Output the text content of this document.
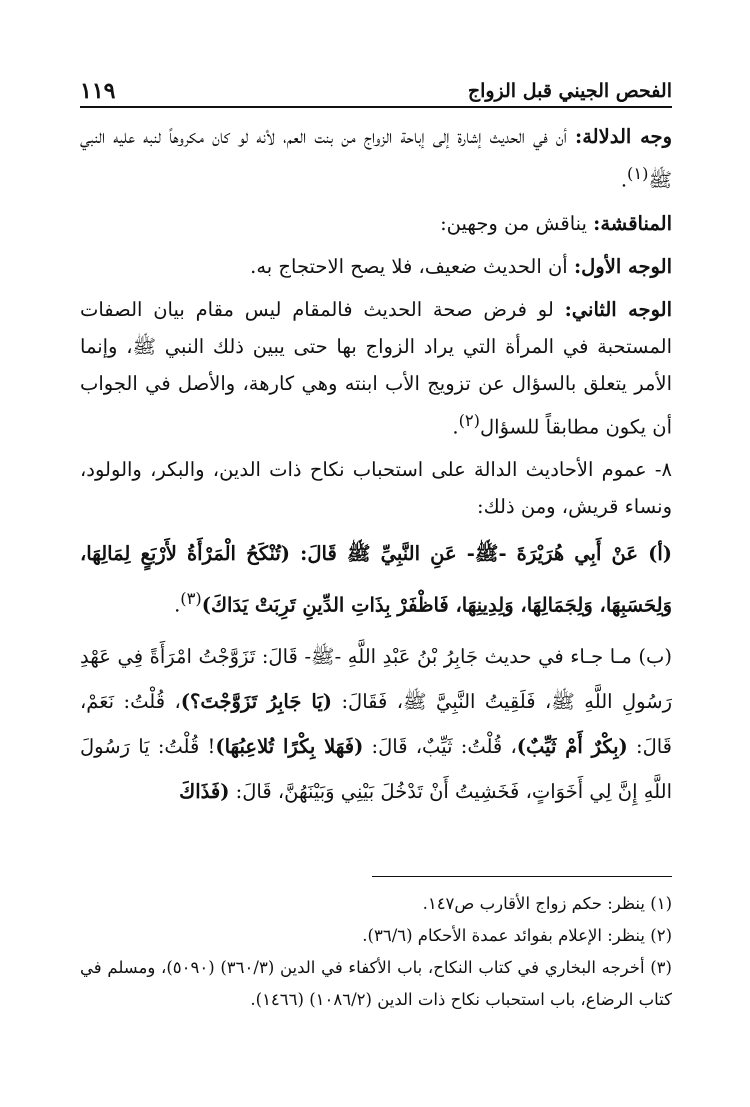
الفحص الجيني قبل الزواج
١١٩

وجه الدلالة: أن في الحديث إشارة إلى إباحة الزواج من بنت العم، لأنه لو كان مكروهاً لنبه عليه النبي ﷺ$^{(١)}$.

المناقشة: يناقش من وجهين:

الوجه الأول: أن الحديث ضعيف، فلا يصح الاحتجاج به.

الوجه الثاني: لو فرض صحة الحديث فالمقام ليس مقام بيان الصفات المستحبة في المرأة التي يراد الزواج بها حتى يبين ذلك النبي ﷺ، وإنما الأمر يتعلق بالسؤال عن تزويج الأب ابنته وهي كارهة، والأصل في الجواب أن يكون مطابقاً للسؤال$^{(٢)}$.

٨- عموم الأحاديث الدالة على استحباب نكاح ذات الدين، والبكر، والولود، ونساء قريش، ومن ذلك:

(أ) عَنْ أَبِي هُرَيْرَةَ -ﷺ- عَنِ النَّبِيِّ ﷺ قَالَ: (تُنْكَحُ الْمَرْأَةُ لأَرْبَعٍ لِمَالِهَا، وَلِحَسَبِهَا، وَلِجَمَالِهَا، وَلِدِينِهَا، فَاظْفَرْ بِذَاتِ الدِّينِ تَرِبَتْ يَدَاكَ)$^{(٣)}$.

(ب) مـا جـاء في حديث جَابِرُ بْنُ عَبْدِ اللَّهِ -ﷺ- قَالَ: تَزَوَّجْتُ امْرَأَةً فِي عَهْدِ رَسُولِ اللَّهِ ﷺ، فَلَقِيتُ النَّبِيَّ ﷺ، فَقَالَ: (يَا جَابِرُ تَزَوَّجْتَ؟)، قُلْتُ: نَعَمْ، قَالَ: (بِكْرٌ أَمْ ثَيِّبٌ)، قُلْتُ: ثَيِّبٌ، قَالَ: (فَهَلا بِكْرًا تُلاعِبُهَا)! قُلْتُ: يَا رَسُولَ اللَّهِ إِنَّ لِي أَخَوَاتٍ، فَخَشِيتُ أَنْ تَدْخُلَ بَيْنِي وَبَيْنَهُنَّ، قَالَ: (فَذَاكَ

(١) ينظر: حكم زواج الأقارب ص١٤٧.

(٢) ينظر: الإعلام بفوائد عمدة الأحكام (٣٦/٦).

(٣) أخرجه البخاري في كتاب النكاح، باب الأكفاء في الدين (٣٦٠/٣) (٥٠٩٠)، ومسلم في كتاب الرضاع، باب استحباب نكاح ذات الدين (١٠٨٦/٢) (١٤٦٦).
